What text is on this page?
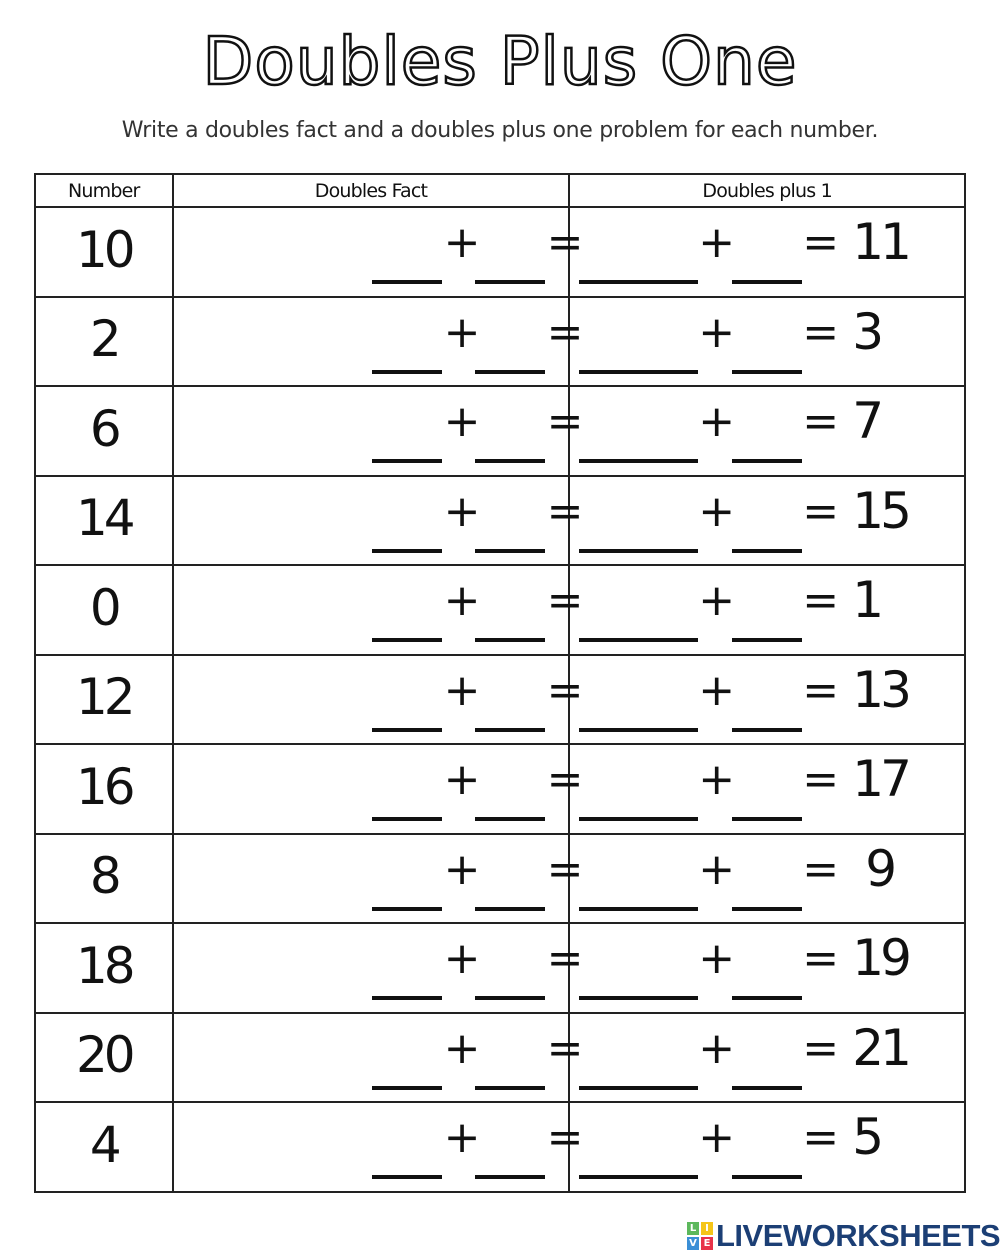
Doubles Plus One
Write a doubles fact and a doubles plus one problem for each number.
Number	Doubles Fact	Doubles plus 1
10	+ =	+ = 11

2	+ =	+ = 3

6	+ =	+ = 7

14	+ =	+ = 15

0	+ =	+ = 1

12	+ =	+ = 13

16	+ =	+ = 17

8	+ =	+ = 9

18	+ =	+ = 19

20	+ =	+ = 21

4	+ =	+ = 5
L I
V E LIVEWORKSHEETS
